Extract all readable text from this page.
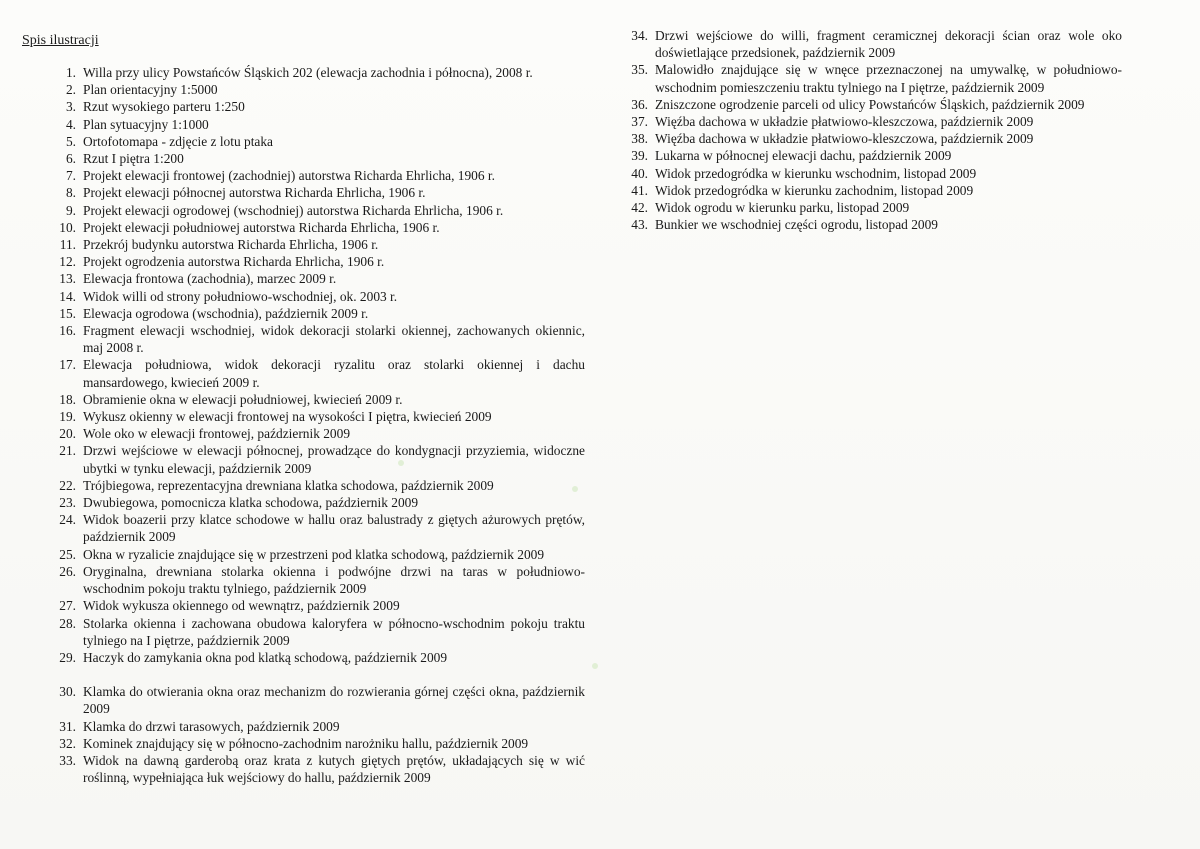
Spis ilustracji
1. Willa przy ulicy Powstańców Śląskich 202 (elewacja zachodnia i północna), 2008 r.
2. Plan orientacyjny 1:5000
3. Rzut wysokiego parteru 1:250
4. Plan sytuacyjny 1:1000
5. Ortofotomapa - zdjęcie z lotu ptaka
6. Rzut I piętra 1:200
7. Projekt elewacji frontowej (zachodniej) autorstwa Richarda Ehrlicha, 1906 r.
8. Projekt elewacji północnej autorstwa Richarda Ehrlicha, 1906 r.
9. Projekt elewacji ogrodowej (wschodniej) autorstwa Richarda Ehrlicha, 1906 r.
10. Projekt elewacji południowej autorstwa Richarda Ehrlicha, 1906 r.
11. Przekrój budynku autorstwa Richarda Ehrlicha, 1906 r.
12. Projekt ogrodzenia autorstwa Richarda Ehrlicha, 1906 r.
13. Elewacja frontowa (zachodnia), marzec 2009 r.
14. Widok willi od strony południowo-wschodniej, ok. 2003 r.
15. Elewacja ogrodowa (wschodnia), październik 2009 r.
16. Fragment elewacji wschodniej, widok dekoracji stolarki okiennej, zachowanych okiennic, maj 2008 r.
17. Elewacja południowa, widok dekoracji ryzalitu oraz stolarki okiennej i dachu mansardowego, kwiecień 2009 r.
18. Obramienie okna w elewacji południowej, kwiecień 2009 r.
19. Wykusz okienny w elewacji frontowej na wysokości I piętra, kwiecień 2009
20. Wole oko w elewacji frontowej, październik 2009
21. Drzwi wejściowe w elewacji północnej, prowadzące do kondygnacji przyziemia, widoczne ubytki w tynku elewacji, październik 2009
22. Trójbiegowa, reprezentacyjna drewniana klatka schodowa, październik 2009
23. Dwubiegowa, pomocnicza klatka schodowa, październik 2009
24. Widok boazerii przy klatce schodowe w hallu oraz balustrady z giętych ażurowych prętów, październik 2009
25. Okna w ryzalicie znajdujące się w przestrzeni pod klatka schodową, październik 2009
26. Oryginalna, drewniana stolarka okienna i podwójne drzwi na taras w południowo-wschodnim pokoju traktu tylniego, październik 2009
27. Widok wykusza okiennego od wewnątrz, październik 2009
28. Stolarka okienna i zachowana obudowa kaloryfera w północno-wschodnim pokoju traktu tylniego na I piętrze, październik 2009
29. Haczyk do zamykania okna pod klatką schodową, październik 2009
30. Klamka do otwierania okna oraz mechanizm do rozwierania górnej części okna, październik 2009
31. Klamka do drzwi tarasowych, październik 2009
32. Kominek znajdujący się w północno-zachodnim narożniku hallu, październik 2009
33. Widok na dawną garderobą oraz krata z kutych giętych prętów, układających się w wić roślinną, wypełniająca łuk wejściowy do hallu, październik 2009
34. Drzwi wejściowe do willi, fragment ceramicznej dekoracji ścian oraz wole oko doświetlające przedsionek, październik 2009
35. Malowidło znajdujące się w wnęce przeznaczonej na umywalkę, w południowo-wschodnim pomieszczeniu traktu tylniego na I piętrze, październik 2009
36. Zniszczone ogrodzenie parceli od ulicy Powstańców Śląskich, październik 2009
37. Więźba dachowa w układzie płatwiowo-kleszczowa, październik 2009
38. Więźba dachowa w układzie płatwiowo-kleszczowa, październik 2009
39. Lukarna w północnej elewacji dachu, październik 2009
40. Widok przedogródka w kierunku wschodnim, listopad 2009
41. Widok przedogródka w kierunku zachodnim, listopad 2009
42. Widok ogrodu w kierunku parku, listopad 2009
43. Bunkier we wschodniej części ogrodu, listopad 2009
